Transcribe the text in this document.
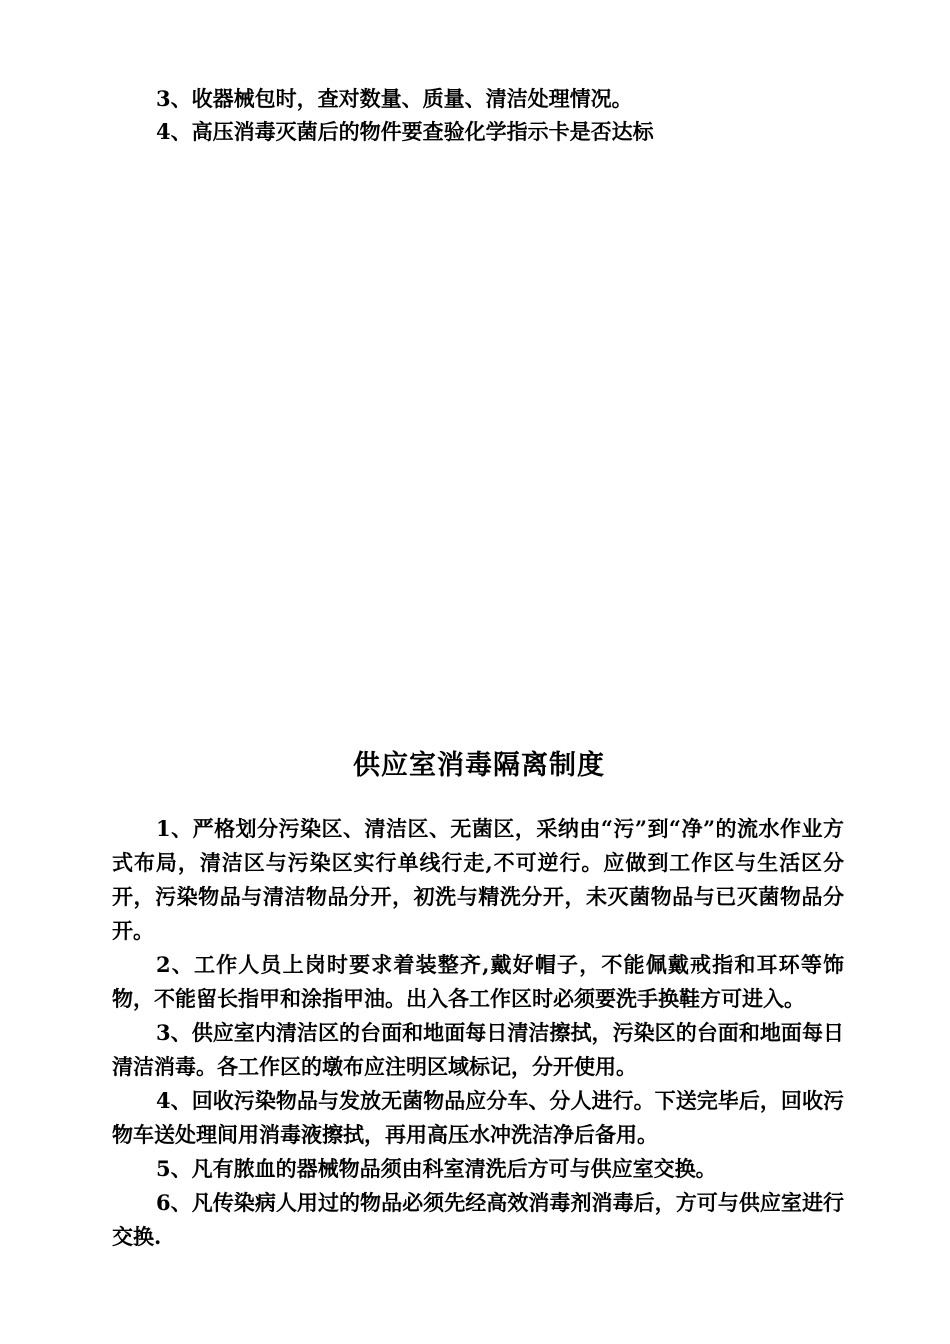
3、收器械包时，查对数量、质量、清洁处理情况。
4、高压消毒灭菌后的物件要查验化学指示卡是否达标
供应室消毒隔离制度

1、严格划分污染区、清洁区、无菌区，采纳由“污”到“净”的流水作业方式布局，清洁区与污染区实行单线行走,不可逆行。应做到工作区与生活区分开，污染物品与清洁物品分开，初洗与精洗分开，未灭菌物品与已灭菌物品分开。

2、工作人员上岗时要求着装整齐,戴好帽子，不能佩戴戒指和耳环等饰物，不能留长指甲和涂指甲油。出入各工作区时必须要洗手换鞋方可进入。

3、供应室内清洁区的台面和地面每日清洁擦拭，污染区的台面和地面每日清洁消毒。各工作区的墩布应注明区域标记，分开使用。

4、回收污染物品与发放无菌物品应分车、分人进行。下送完毕后，回收污物车送处理间用消毒液擦拭，再用高压水冲洗洁净后备用。

5、凡有脓血的器械物品须由科室清洗后方可与供应室交换。

6、凡传染病人用过的物品必须先经高效消毒剂消毒后，方可与供应室进行交换.
